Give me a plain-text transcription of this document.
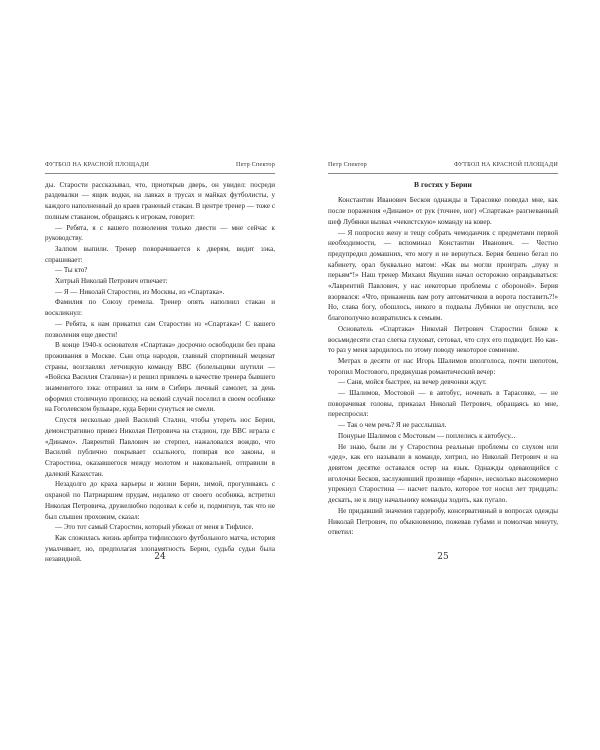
ФУТБОЛ НА КРАСНОЙ ПЛОЩАДИ	Петр Спектор

ды. Старости рассказывал, что, приоткрыв дверь, он увидел: посреди раздевалки — ящик водки, на лавках в трусах и майках футболисты, у каждого наполненный до краев граненый стакан. В центре тренер — тоже с полным стаканом, обращаясь к игрокам, говорит:

— Ребята, я с вашего позволения только двести — мне сейчас к руководству.

Залпом выпили. Тренер поворачивается к дверям, видит зэка, спрашивает:

— Ты кто?

Хитрый Николай Петрович отвечает:

— Я — Николай Старостин, из Москвы, из «Спартака».

Фамилия по Союзу гремела. Тренер опять наполнил стакан и воскликнул:

— Ребята, к нам прикатил сам Старостин из «Спартака»! С вашего позволения еще двести!

В конце 1940-х основателя «Спартака» досрочно освободили без права проживания в Москве. Сын отца народов, главный спортивный меценат страны, возглавлял летчицкую команду ВВС (болельщики шутили — «Войска Василия Сталина») и решил привлечь в качестве тренера бывшего знаменитого зэка: отправил за ним в Сибирь личный самолет, за день оформил столичную прописку, на всякий случай поселил в своем особняке на Гоголевском бульваре, куда Берии сунуться не смели.

Спустя несколько дней Василий Сталин, чтобы утереть нос Берии, демонстративно привез Николая Петровича на стадион, где ВВС играла с «Динамо». Лаврентий Павлович не стерпел, нажаловался вождю, что Василий публично покрывает ссыльного, попирая все законы, и Старостина, оказавшегося между молотом и наковальней, отправили в далекий Казахстан.

Незадолго до краха карьеры и жизни Берии, зимой, прогуливаясь с охраной по Патриаршим прудам, недалеко от своего особняка, встретил Николая Петровича, дружелюбно подозвал к себе и, подмигнув, так что не был слышен прохожим, сказал:

— Это тот самый Старостин, который убежал от меня в Тифлисе.

Как сложилась жизнь арбитра тифлисского футбольного матча, история умалчивает, но, предполагая злопамятность Берии, судьба судьи была незавидной.	24
Петр Спектор	ФУТБОЛ НА КРАСНОЙ ПЛОЩАДИ
В гостях у Берии

Константин Иванович Бесков однажды в Тарасовке поведал мне, как после поражения «Динамо» от рук (точнее, ног) «Спартака» разгневанный шеф Лубянки вызвал «чекистскую» команду на ковер.

— Я попросил жену и тещу собрать чемоданчик с предметами первой необходимости, — вспоминал Константин Иванович. — Честно предупредил домашних, что могу и не вернуться. Берия бешено бегал по кабинету, орал буквально матом: «Как вы могли проиграть „пуку и перьям“!» Наш тренер Михаил Якушин начал осторожно оправдываться: «Лаврентий Павлович, у нас некоторые проблемы с обороной». Берия взорвался: «Что, прикажешь вам роту автоматчиков в ворота поставить?!» Но, слава богу, обошлось, никого в подвалы Лубянки не опустили, все благополучно возвратились к семьям.

Основатель «Спартака» Николай Петрович Старостин ближе к восьмидесяти стал слегка глуховат, сетовал, что слух его подводит. Но как-то раз у меня зародилось по этому поводу некоторое сомнение.

Метрах в десяти от нас Игорь Шалимов вполголоса, почти шепотом, торопил Мостового, предвкушая романтический вечер:

— Саня, мойся быстрее, на вечер девчонки ждут.

— Шалимов, Мостовой — в автобус, ночевать в Тарасовке, — не поворачивая головы, приказал Николай Петрович, обращаясь ко мне, переспросил:

— Так о чем речь? Я не расслышал.

Понурые Шалимов с Мостовым — поплелись к автобусу...

Не знаю, были ли у Старостина реальные проблемы со слухом или «дед», как его называли в команде, хитрил, но Николай Петрович и на девятом десятке оставался остер на язык. Однажды одевающийся с иголочки Бесков, заслуживший прозвище «барин», несколько высокомерно упрекнул Старостина — насчет пальто, которое тот носил лет тридцать: дескать, не к лицу начальнику команды ходить, как пугало.

Не придавший значения гардеробу, консервативный в вопросах одежды Николай Петрович, по обыкновению, пожевав губами и помолчав минуту, ответил:

25
